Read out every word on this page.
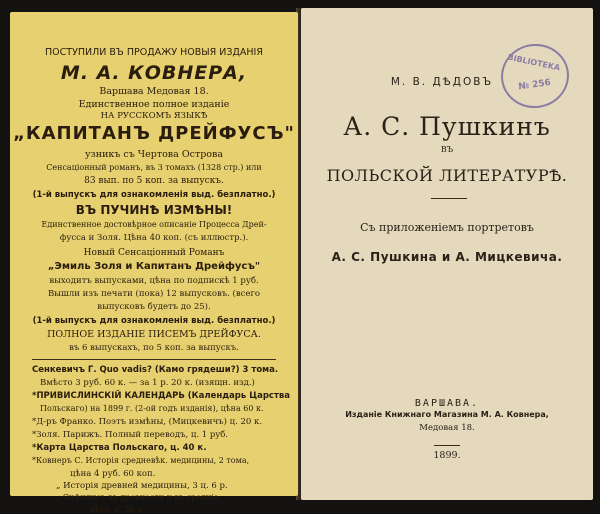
ПОСТУПИЛИ ВЪ ПРОДАЖУ НОВЫЯ ИЗДАНІЯ
М. А. КОВНЕРА,
Варшава Медовая 18.
Единственное полное изданіе
НА РУССКОМЪ ЯЗЫКѢ
„КАПИТАНЪ ДРЕЙФУСЪ"
узникъ съ Чертова Острова
Сенсаціонный романъ, въ 3 томахъ (1328 стр.) или
83 вып. по 5 коп. за выпускъ.
(1-й выпускъ для ознакомленія выд. безплатно.)
ВЪ ПУЧИНѢ ИЗМѢНЫ!
Единственное достовѣрное описаніе Процесса Дрей-
фусса и Золя. Цѣна 40 коп. (съ иллюстр.).
Новый Сенсаціонный Романъ
„Эмиль Золя и Капитанъ Дрейфусъ"
выходитъ выпусками, цѣна по подпискѣ 1 руб.
Вышли изъ печати (пока) 12 выпусковъ. (всего
выпусковъ будетъ до 25).
(1-й выпускъ для ознакомленія выд. безплатно.)
ПОЛНОЕ ИЗДАНІЕ ПИСЕМЪ ДРЕЙФУСА.
въ 6 выпускахъ, по 5 коп. за выпускъ.
Сенкевичъ Г. Quo vadis? (Камо грядеши?) 3 тома.
Вмѣсто 3 руб. 60 к. — за 1 р. 20 к. (изящн. изд.)
*ПРИВИСЛИНСКІЙ КАЛЕНДАРЬ (Календарь Царства
Польскаго) на 1899 г. (2-ой годъ изданія), цѣна 60 к.
*Д-ръ Франко. Поэтъ измѣны, (Мицкевичъ) ц. 20 к.
*Золя. Парижъ. Полный переводъ, ц. 1 руб.
*Карта Царства Польскаго, ц. 40 к.
*Ковнеръ С. Исторія средневѣк. медицины, 2 тома,
цѣна 4 руб. 60 коп.
„ Исторія древней медицины, 3 ц. 6 р.
„ Сифилисъ въ древности и въ средніе
вѣка, ц. 50 к.
М. В. ДѢДОВЪ
А. С. Пушкинъ
ВЪ
ПОЛЬСКОЙ ЛИТЕРАТУРѢ.
Съ приложеніемъ портретовъ
А. С. Пушкина и А. Мицкевича.
ВАРШАВА.
Изданіе Книжнаго Магазина М. А. Ковнера,
Медовая 18.
1899.
BIBLIOTEKA
№ 256
